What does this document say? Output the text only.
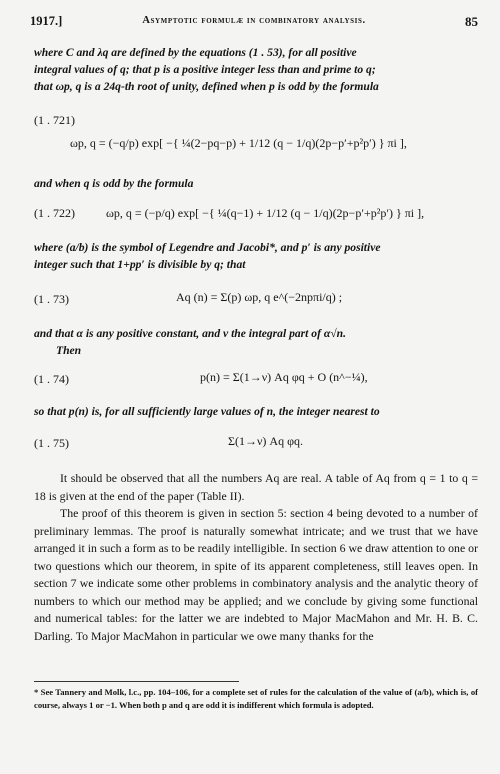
1917.]	Asymptotic formulæ in combinatory analysis.	85
where C and λq are defined by the equations (1 . 53), for all positive
integral values of q; that p is a positive integer less than and prime to q;
that ωp, q is a 24q-th root of unity, defined when p is odd by the formula
(1 . 721)
ωp, q = (−q/p) exp[ −{ ¼(2−pq−p) + 1/12 (q − 1/q)(2p−p′+p²p′) } πi ],
and when q is odd by the formula
(1 . 722)	ωp, q = (−p/q) exp[ −{ ¼(q−1) + 1/12 (q − 1/q)(2p−p′+p²p′) } πi ],
where (a/b) is the symbol of Legendre and Jacobi*, and p′ is any positive
integer such that 1+pp′ is divisible by q; that
(1 . 73)	Aq (n) = Σ(p) ωp, q e^(−2npπi/q) ;
and that α is any positive constant, and ν the integral part of α√n.
Then
(1 . 74)	p(n) = Σ(1→ν) Aq φq + O (n^−¼),
so that p(n) is, for all sufficiently large values of n, the integer nearest to
(1 . 75)	Σ(1→ν) Aq φq.

It should be observed that all the numbers Aq are real. A table of Aq from q = 1 to q = 18 is given at the end of the paper (Table II).

The proof of this theorem is given in section 5: section 4 being devoted to a number of preliminary lemmas. The proof is naturally somewhat intricate; and we trust that we have arranged it in such a form as to be readily intelligible. In section 6 we draw attention to one or two questions which our theorem, in spite of its apparent completeness, still leaves open. In section 7 we indicate some other problems in combinatory analysis and the analytic theory of numbers to which our method may be applied; and we conclude by giving some functional and numerical tables: for the latter we are indebted to Major MacMahon and Mr. H. B. C. Darling. To Major MacMahon in particular we owe many thanks for the

* See Tannery and Molk, l.c., pp. 104–106, for a complete set of rules for the calculation of the value of (a/b), which is, of course, always 1 or −1. When both p and q are odd it is indifferent which formula is adopted.
